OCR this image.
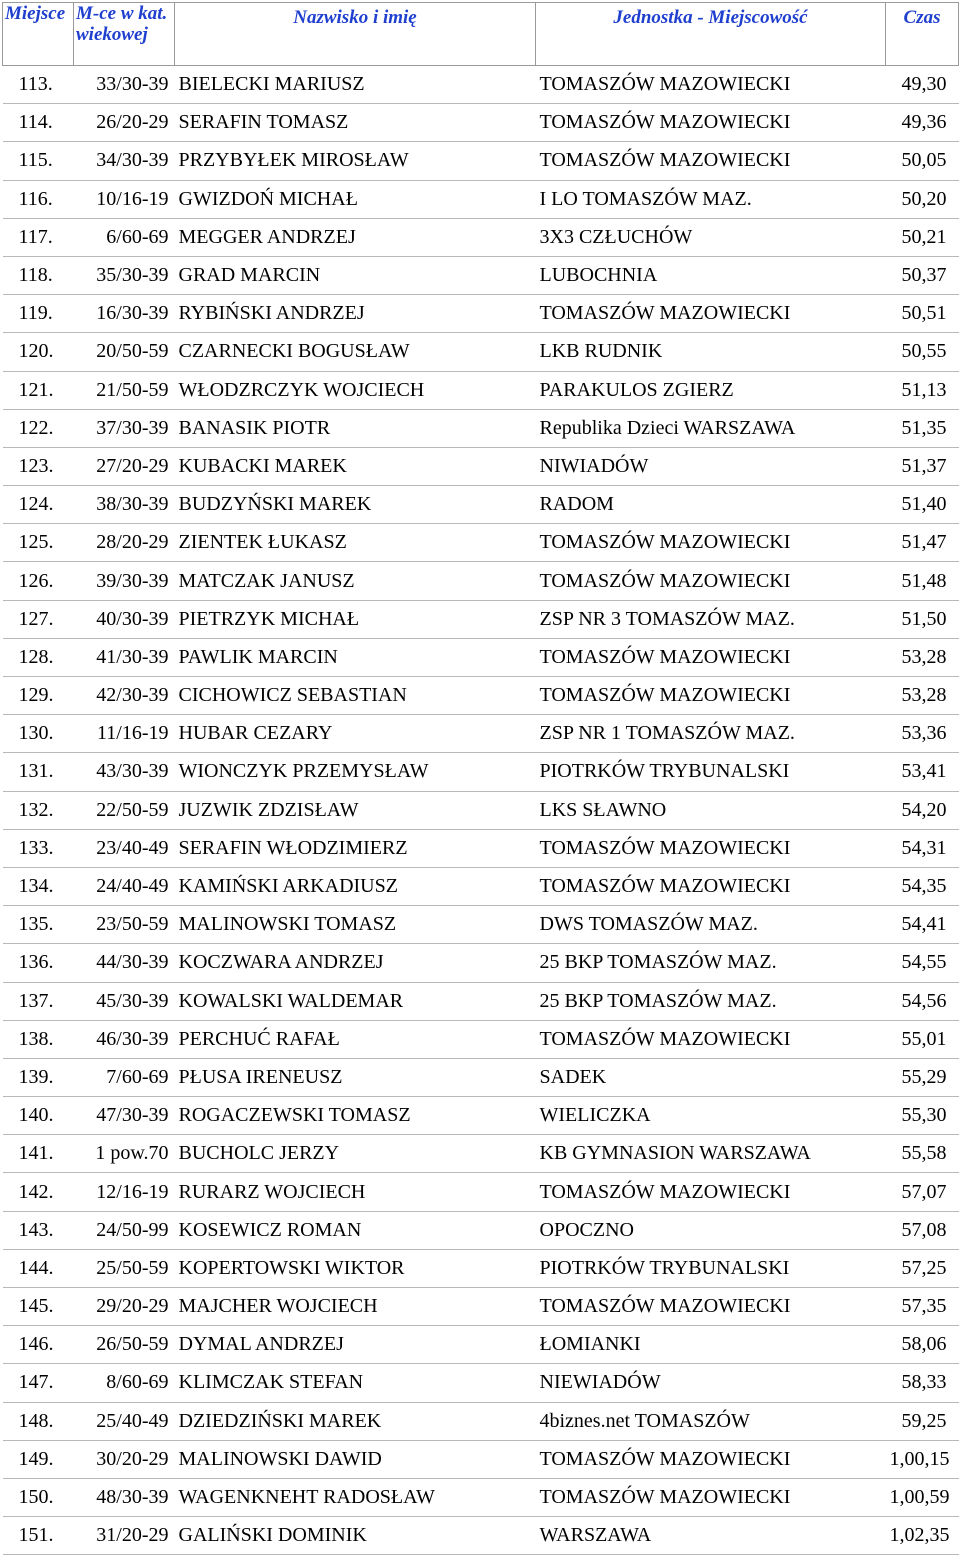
Miejsce	M-ce w kat. wiekowej	Nazwisko i imię	Jednostka - Miejscowość	Czas
113.	33/30-39	BIELECKI MARIUSZ	TOMASZÓW MAZOWIECKI	49,30
114.	26/20-29	SERAFIN TOMASZ	TOMASZÓW MAZOWIECKI	49,36
115.	34/30-39	PRZYBYŁEK MIROSŁAW	TOMASZÓW MAZOWIECKI	50,05
116.	10/16-19	GWIZDOŃ MICHAŁ	I LO TOMASZÓW MAZ.	50,20
117.	6/60-69	MEGGER ANDRZEJ	3X3 CZŁUCHÓW	50,21
118.	35/30-39	GRAD MARCIN	LUBOCHNIA	50,37
119.	16/30-39	RYBIŃSKI ANDRZEJ	TOMASZÓW MAZOWIECKI	50,51
120.	20/50-59	CZARNECKI BOGUSŁAW	LKB RUDNIK	50,55
121.	21/50-59	WŁODZRCZYK WOJCIECH	PARAKULOS ZGIERZ	51,13
122.	37/30-39	BANASIK PIOTR	Republika Dzieci WARSZAWA	51,35
123.	27/20-29	KUBACKI MAREK	NIWIADÓW	51,37
124.	38/30-39	BUDZYŃSKI MAREK	RADOM	51,40
125.	28/20-29	ZIENTEK ŁUKASZ	TOMASZÓW MAZOWIECKI	51,47
126.	39/30-39	MATCZAK JANUSZ	TOMASZÓW MAZOWIECKI	51,48
127.	40/30-39	PIETRZYK MICHAŁ	ZSP NR 3 TOMASZÓW MAZ.	51,50
128.	41/30-39	PAWLIK MARCIN	TOMASZÓW MAZOWIECKI	53,28
129.	42/30-39	CICHOWICZ SEBASTIAN	TOMASZÓW MAZOWIECKI	53,28
130.	11/16-19	HUBAR CEZARY	ZSP NR 1 TOMASZÓW MAZ.	53,36
131.	43/30-39	WIONCZYK PRZEMYSŁAW	PIOTRKÓW TRYBUNALSKI	53,41
132.	22/50-59	JUZWIK ZDZISŁAW	LKS SŁAWNO	54,20
133.	23/40-49	SERAFIN WŁODZIMIERZ	TOMASZÓW MAZOWIECKI	54,31
134.	24/40-49	KAMIŃSKI ARKADIUSZ	TOMASZÓW MAZOWIECKI	54,35
135.	23/50-59	MALINOWSKI TOMASZ	DWS TOMASZÓW MAZ.	54,41
136.	44/30-39	KOCZWARA ANDRZEJ	25 BKP TOMASZÓW MAZ.	54,55
137.	45/30-39	KOWALSKI WALDEMAR	25 BKP TOMASZÓW MAZ.	54,56
138.	46/30-39	PERCHUĆ RAFAŁ	TOMASZÓW MAZOWIECKI	55,01
139.	7/60-69	PŁUSA IRENEUSZ	SADEK	55,29
140.	47/30-39	ROGACZEWSKI TOMASZ	WIELICZKA	55,30
141.	1 pow.70	BUCHOLC JERZY	KB GYMNASION WARSZAWA	55,58
142.	12/16-19	RURARZ WOJCIECH	TOMASZÓW MAZOWIECKI	57,07
143.	24/50-99	KOSEWICZ ROMAN	OPOCZNO	57,08
144.	25/50-59	KOPERTOWSKI WIKTOR	PIOTRKÓW TRYBUNALSKI	57,25
145.	29/20-29	MAJCHER WOJCIECH	TOMASZÓW MAZOWIECKI	57,35
146.	26/50-59	DYMAL ANDRZEJ	ŁOMIANKI	58,06
147.	8/60-69	KLIMCZAK STEFAN	NIEWIADÓW	58,33
148.	25/40-49	DZIEDZIŃSKI MAREK	4biznes.net TOMASZÓW	59,25
149.	30/20-29	MALINOWSKI DAWID	TOMASZÓW MAZOWIECKI	1,00,15
150.	48/30-39	WAGENKNEHT RADOSŁAW	TOMASZÓW MAZOWIECKI	1,00,59
151.	31/20-29	GALIŃSKI DOMINIK	WARSZAWA	1,02,35
